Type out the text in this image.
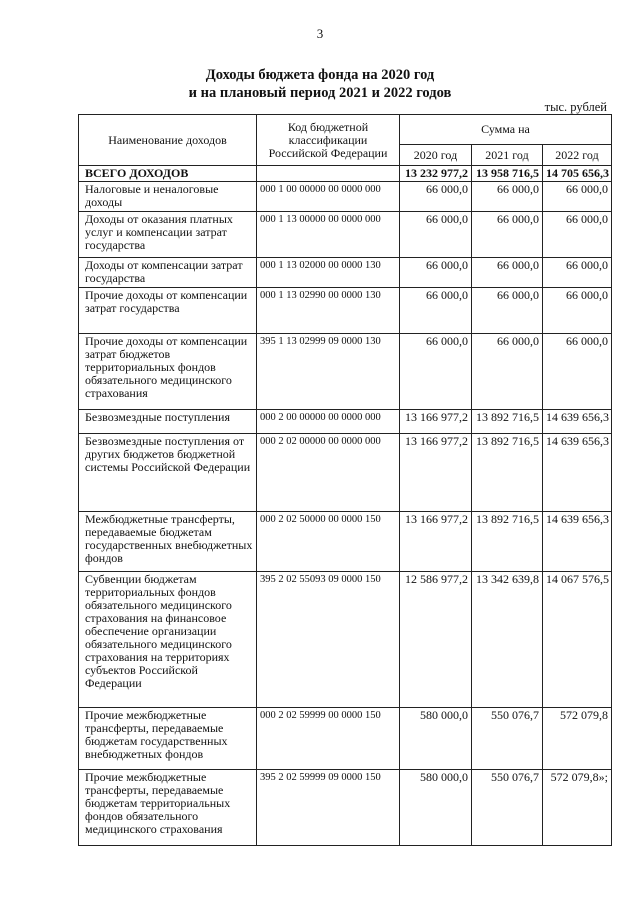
3
Доходы бюджета фонда на 2020 год
и на плановый период 2021 и 2022 годов
тыс. рублей
Наименование доходов	Код бюджетной классификации Российской Федерации	Сумма на		
		2020 год	2021 год	2022 год
ВСЕГО ДОХОДОВ		13 232 977,2	13 958 716,5	14 705 656,3
Налоговые и неналоговые доходы	000 1 00 00000 00 0000 000	66 000,0	66 000,0	66 000,0
Доходы от оказания платных услуг и компенсации затрат государства	000 1 13 00000 00 0000 000	66 000,0	66 000,0	66 000,0
Доходы от компенсации затрат государства	000 1 13 02000 00 0000 130	66 000,0	66 000,0	66 000,0
Прочие доходы от компенсации затрат государства	000 1 13 02990 00 0000 130	66 000,0	66 000,0	66 000,0
Прочие доходы от компенсации затрат бюджетов территориальных фондов обязательного медицинского страхования	395 1 13 02999 09 0000 130	66 000,0	66 000,0	66 000,0
Безвозмездные поступления	000 2 00 00000 00 0000 000	13 166 977,2	13 892 716,5	14 639 656,3
Безвозмездные поступления от других бюджетов бюджетной системы Российской Федерации	000 2 02 00000 00 0000 000	13 166 977,2	13 892 716,5	14 639 656,3
Межбюджетные трансферты, передаваемые бюджетам государственных внебюджетных фондов	000 2 02 50000 00 0000 150	13 166 977,2	13 892 716,5	14 639 656,3
Субвенции бюджетам территориальных фондов обязательного медицинского страхования на финансовое обеспечение организации обязательного медицинского страхования на территориях субъектов Российской Федерации	395 2 02 55093 09 0000 150	12 586 977,2	13 342 639,8	14 067 576,5
Прочие межбюджетные трансферты, передаваемые бюджетам государственных внебюджетных фондов	000 2 02 59999 00 0000 150	580 000,0	550 076,7	572 079,8
Прочие межбюджетные трансферты, передаваемые бюджетам территориальных фондов обязательного медицинского страхования	395 2 02 59999 09 0000 150	580 000,0	550 076,7	572 079,8»;
